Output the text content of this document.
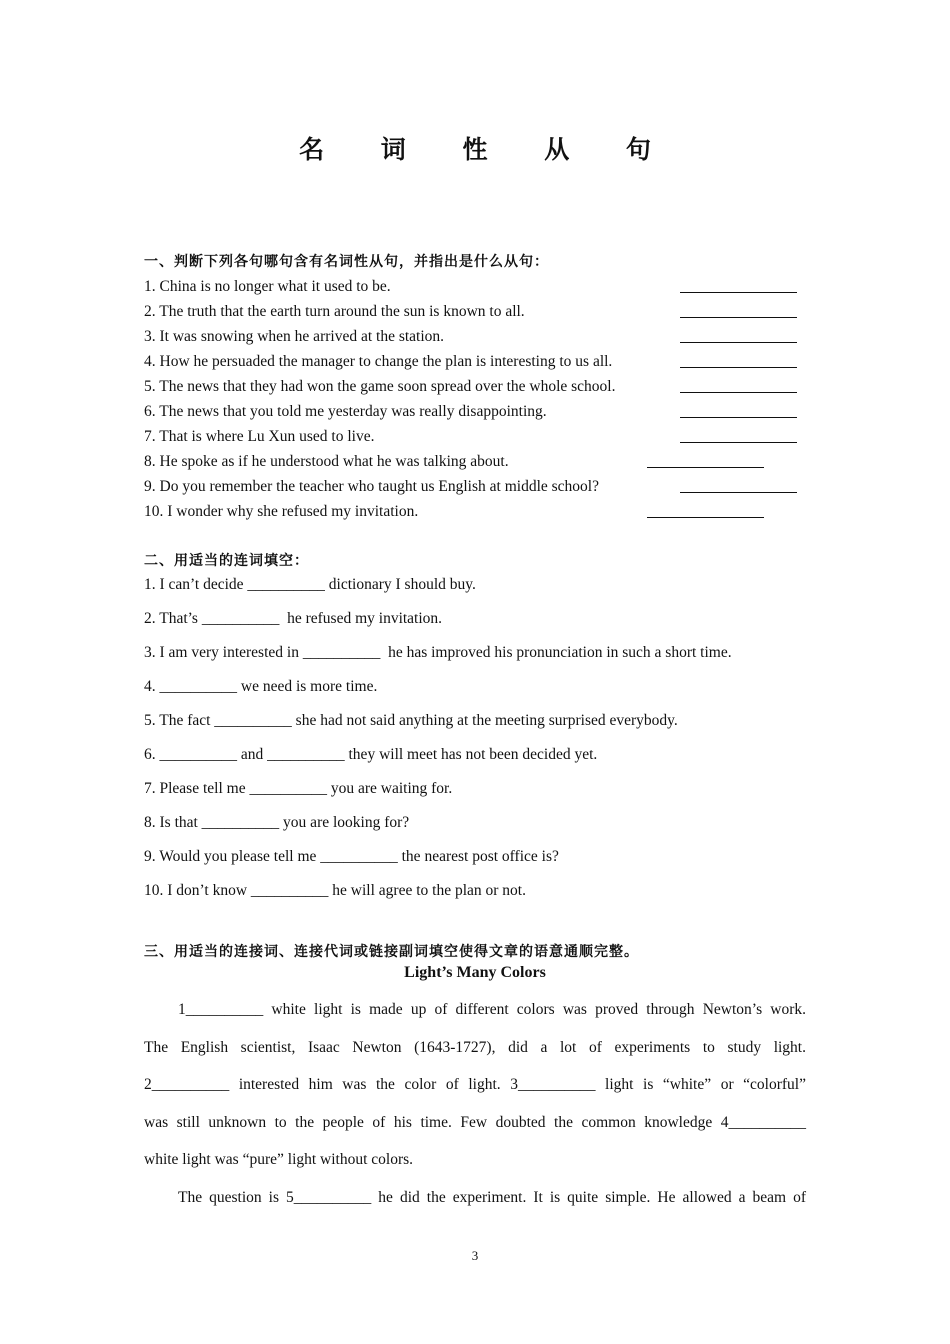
名 词 性 从 句
一、判断下列各句哪句含有名词性从句，并指出是什么从句：
1. China is no longer what it used to be.
2. The truth that the earth turn around the sun is known to all.
3. It was snowing when he arrived at the station.
4. How he persuaded the manager to change the plan is interesting to us all.
5. The news that they had won the game soon spread over the whole school.
6. The news that you told me yesterday was really disappointing.
7. That is where Lu Xun used to live.
8. He spoke as if he understood what he was talking about.
9. Do you remember the teacher who taught us English at middle school?
10. I wonder why she refused my invitation.
二、用适当的连词填空：
1. I can’t decide __________ dictionary I should buy.
2. That’s __________  he refused my invitation.
3. I am very interested in __________  he has improved his pronunciation in such a short time.
4. __________ we need is more time.
5. The fact __________ she had not said anything at the meeting surprised everybody.
6. __________ and __________ they will meet has not been decided yet.
7. Please tell me __________ you are waiting for.
8. Is that __________ you are looking for?
9. Would you please tell me __________ the nearest post office is?
10. I don’t know __________ he will agree to the plan or not.
三、用适当的连接词、连接代词或链接副词填空使得文章的语意通顺完整。
Light’s Many Colors
1__________ white light is made up of different colors was proved through Newton’s work.
The English scientist, Isaac Newton (1643-1727), did a lot of experiments to study light.
2__________ interested him was the color of light. 3__________ light is “white” or “colorful”
was still unknown to the people of his time. Few doubted the common knowledge 4__________
white light was “pure” light without colors.
The question is 5__________ he did the experiment. It is quite simple. He allowed a beam of
3
